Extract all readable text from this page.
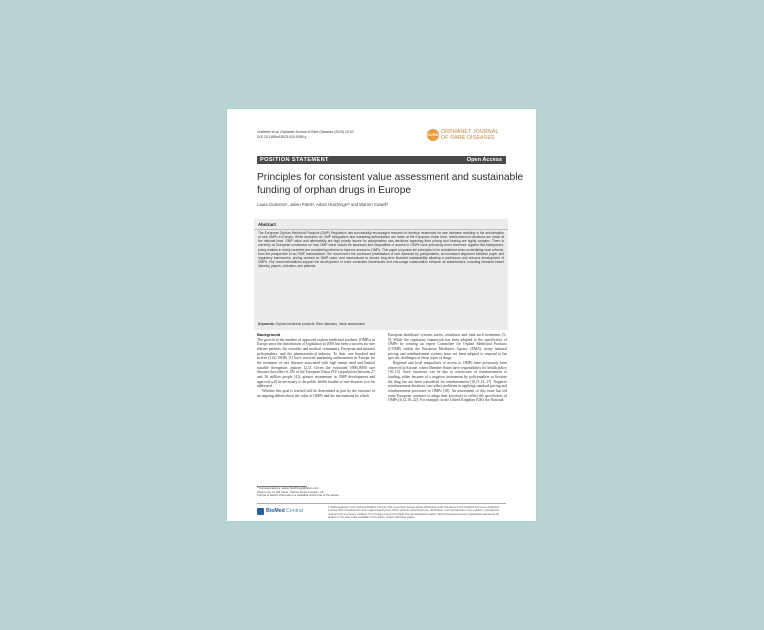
Gutierrez et al. Orphanet Journal of Rare Diseases (2015) 10:53
DOI 10.1186/s13023-015-0269-y	OJRD ORPHANET JOURNAL
OF RARE DISEASES
POSITION STATEMENT	Open Access
Principles for consistent value assessment and sustainable funding of orphan drugs in Europe
Laura Gutierrez¹, Julien Patris², Adam Hutchings²* and Warren Cowell³
Abstract
The European Orphan Medicinal Products (OMP) Regulation has successfully encouraged research to develop treatments for rare diseases resulting in the authorisation of new OMPs in Europe. While decisions on OMP designation and marketing authorisation are made at the European Union level, reimbursement decisions are made at the national level. OMP value and affordability are high priority issues for policymakers and decisions regarding their pricing and funding are highly complex. There is currently no European consensus on how OMP value should be assessed and inequalities of access to OMPs have previously been observed. Against this background, policy makers in many countries are considering reforms to improve access to OMPs. This paper proposes ten principles to be considered when undertaking such reforms, from the perspective of an OMP manufacturer. We recommend the continued prioritisation of rare diseases by policymakers, an increased alignment between payer and regulatory frameworks, pricing centred on OMP value, and mechanisms to ensure long-term financial sustainability allowing a continuous and virtuous development of OMPs. Our recommendations support the development of more consistent frameworks and encourage collaboration between all stakeholders, including research-based industry, payers, clinicians, and patients.
Keywords: Orphan medicinal products, Rare diseases, Value assessment
Background

The growth in the number of approved orphan medicinal products (OMPs) in Europe since the introduction of legislation in 2000 has been a success for rare disease patients, the scientific and medical community, European and national policymakers, and the pharmaceutical industry. To date, one hundred and twelve (112) OMPs [1] have received marketing authorisation in Europe for the treatment of rare diseases associated with high unmet need and limited suitable therapeutic options [2,3]. Given the estimated 5000–8000 rare diseases that affect 6–8% of the European Union (EU) population (between 27 and 36 million people [4]), greater momentum in OMP development and approval will be necessary if the public health burden of rare diseases is to be addressed.

Whether this goal is reached will be determined in part by the outcome of an ongoing debate about the value of OMPs and the mechanisms by which

European healthcare systems assess, reimburse and fund such treatments [5–9]. While the regulatory framework has been adapted to the specificities of OMPs by creating an expert Committee for Orphan Medicinal Products (COMP) within the European Medicines Agency (EMA), many national pricing and reimbursement systems have not been adapted to respond to the specific challenges of these types of drugs.

Regional and local inequalities of access to OMPs have previously been observed in Europe, where Member States have responsibility for health policy [10–13]. Such variations can be due to restrictions of reimbursement or funding, either because of a negative assessment by policymakers or because the drug has not been considered for reimbursement [10,11,14–17]. Negative reimbursement decisions can reflect problems in applying standard pricing and reimbursement processes to OMPs [18]. An assessment of this issue has led some European countries to adapt their processes to reflect the specificities of OMPs [6,12,19–22]. For example, in the United Kingdom (UK) the National

* Correspondence: adam.hutchings@dolon.com
²Dolon Ltd, 17 Hill Close, Carlton Road, London, UK
Full list of author information is available at the end of the article
BioMed Central
© 2015 Gutierrez et al.; licensee BioMed Central. This is an Open Access article distributed under the terms of the Creative Commons Attribution License (http://creativecommons.org/licenses/by/4.0), which permits unrestricted use, distribution, and reproduction in any medium, provided the original work is properly credited. The Creative Commons Public Domain Dedication waiver (http://creativecommons.org/publicdomain/zero/1.0/) applies to the data made available in this article, unless otherwise stated.
